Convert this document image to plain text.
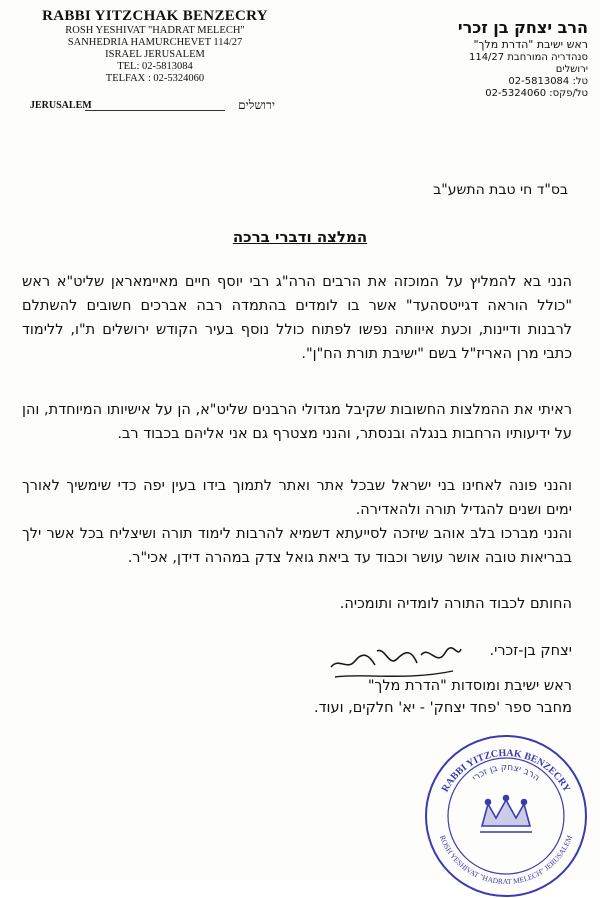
RABBI YITZCHAK BENZECRY
ROSH YESHIVAT "HADRAT MELECH"
SANHEDRIA HAMURCHEVET 114/27
ISRAEL JERUSALEM
TEL: 02-5813084
TELFAX : 02-5324060
הרב יצחק בן זכרי
ראש ישיבת "הדרת מלך"
סנהדריה המורחבת 114/27
ירושלים
טל: 02-5813084
טל/פקס: 02-5324060
JERUSALEM	ירושלים
בס"ד חי טבת התשע"ב
המלצה ודברי ברכה
הנני בא להמליץ על המוכזה את הרבים הרה"ג רבי יוסף חיים מאיימאראן שליט"א ראש "כולל הוראה דגייטסהעד" אשר בו לומדים בהתמדה רבה אברכים חשובים להשתלם לרבנות ודיינות, וכעת איוותה נפשו לפתוח כולל נוסף בעיר הקודש ירושלים ת"ו, ללימוד כתבי מרן האריז"ל בשם "ישיבת תורת הח"ן".
ראיתי את ההמלצות החשובות שקיבל מגדולי הרבנים שליט"א, הן על אישיותו המיוחדת, והן על ידיעותיו הרחבות בנגלה ובנסתר, והנני מצטרף גם אני אליהם בכבוד רב.
והנני פונה לאחינו בני ישראל שבכל אתר ואתר לתמוך בידו בעין יפה כדי שימשיך לאורך ימים ושנים להגדיל תורה ולהאדירה.
והנני מברכו בלב אוהב שיזכה לסייעתא דשמיא להרבות לימוד תורה ושיצליח בכל אשר ילך בבריאות טובה אושר עושר וכבוד עד ביאת גואל צדק במהרה דידן, אכי"ר.
החותם לכבוד התורה לומדיה ותומכיה.
יצחק בן-זכרי.
ראש ישיבת ומוסדות "הדרת מלך"
מחבר ספר 'פחד יצחק' - יא' חלקים, ועוד.
RABBI YITZCHAK BENZECRY
הרב יצחק בן זכרי
ROSH YESHIVAT "HADRAT MELECH" JERUSALEM
